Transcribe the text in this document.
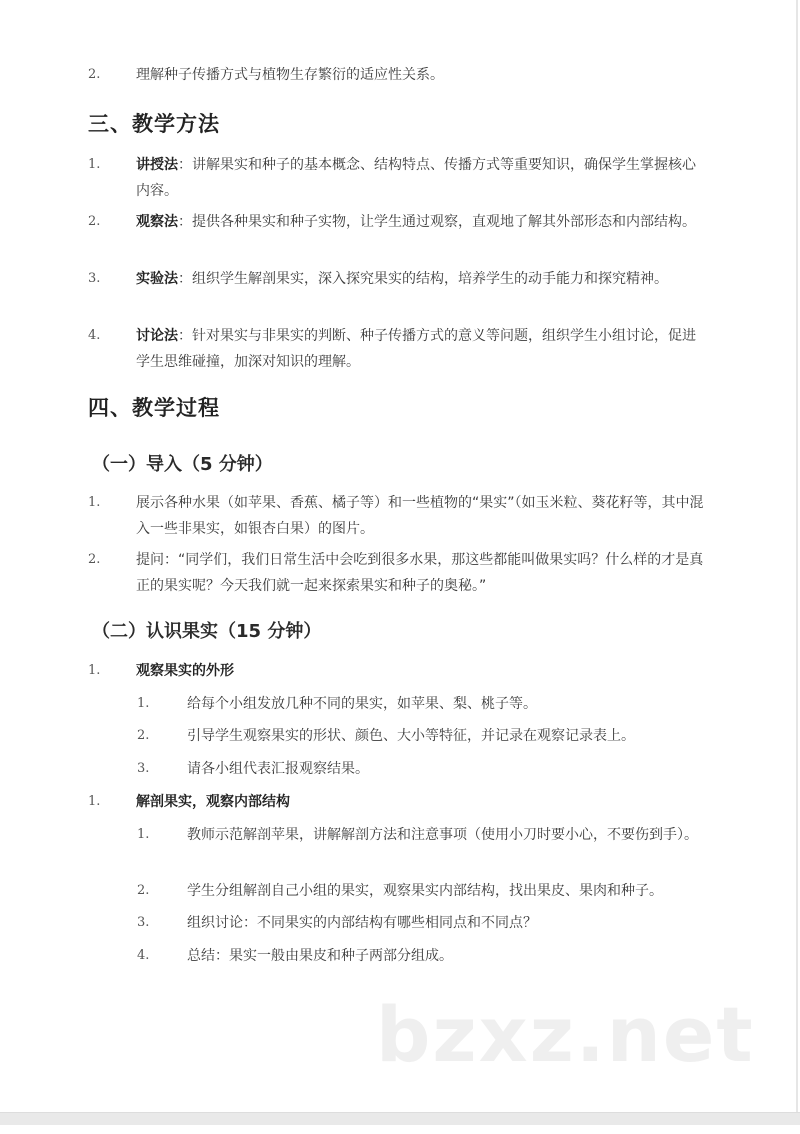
2.	理解种子传播方式与植物生存繁衍的适应性关系。
三、教学方法
1.	讲授法：讲解果实和种子的基本概念、结构特点、传播方式等重要知识，确保学生掌握核心内容。
2.	观察法：提供各种果实和种子实物，让学生通过观察，直观地了解其外部形态和内部结构。
3.	实验法：组织学生解剖果实，深入探究果实的结构，培养学生的动手能力和探究精神。
4.	讨论法：针对果实与非果实的判断、种子传播方式的意义等问题，组织学生小组讨论，促进学生思维碰撞，加深对知识的理解。
四、教学过程
（一）导入（5 分钟）
1.	展示各种水果（如苹果、香蕉、橘子等）和一些植物的“果实”（如玉米粒、葵花籽等，其中混入一些非果实，如银杏白果）的图片。
2.	提问：“同学们，我们日常生活中会吃到很多水果，那这些都能叫做果实吗？什么样的才是真正的果实呢？今天我们就一起来探索果实和种子的奥秘。”
（二）认识果实（15 分钟）
1.	观察果实的外形
1.	给每个小组发放几种不同的果实，如苹果、梨、桃子等。
2.	引导学生观察果实的形状、颜色、大小等特征，并记录在观察记录表上。
3.	请各小组代表汇报观察结果。
1.	解剖果实，观察内部结构
1.	教师示范解剖苹果，讲解解剖方法和注意事项（使用小刀时要小心，不要伤到手）。
2.	学生分组解剖自己小组的果实，观察果实内部结构，找出果皮、果肉和种子。
3.	组织讨论：不同果实的内部结构有哪些相同点和不同点？
4.	总结：果实一般由果皮和种子两部分组成。
bzxz.net
